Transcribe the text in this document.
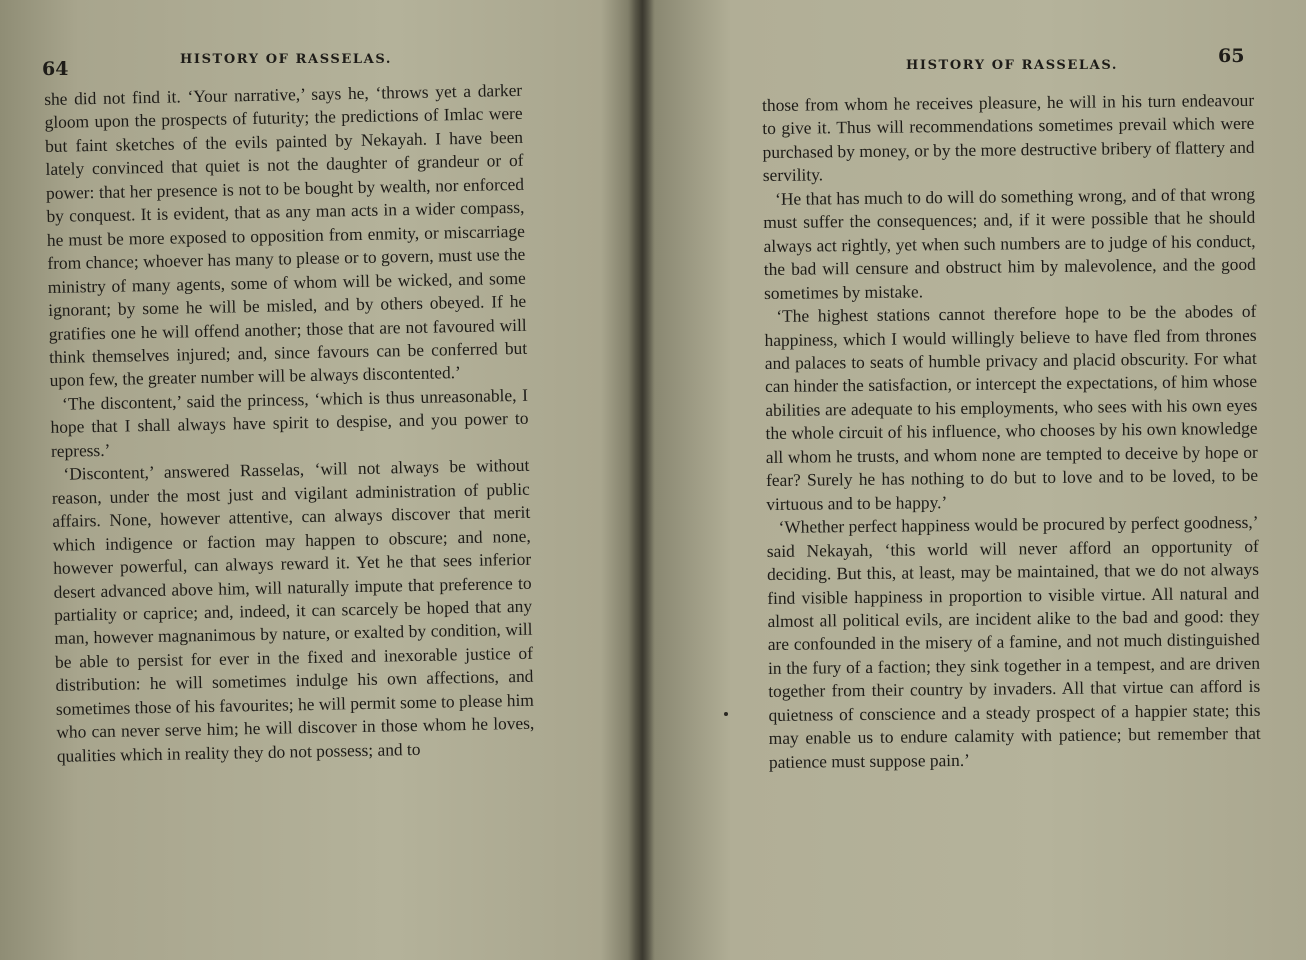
64	HISTORY OF RASSELAS.

she did not find it. ‘Your narrative,’ says he, ‘throws yet a darker gloom upon the prospects of futurity; the predictions of Imlac were but faint sketches of the evils painted by Nekayah. I have been lately convinced that quiet is not the daughter of grandeur or of power: that her presence is not to be bought by wealth, nor enforced by conquest. It is evident, that as any man acts in a wider compass, he must be more exposed to opposition from enmity, or miscarriage from chance; whoever has many to please or to govern, must use the ministry of many agents, some of whom will be wicked, and some ignorant; by some he will be misled, and by others obeyed. If he gratifies one he will offend another; those that are not favoured will think themselves injured; and, since favours can be conferred but upon few, the greater number will be always discontented.’

‘The discontent,’ said the princess, ‘which is thus unreasonable, I hope that I shall always have spirit to despise, and you power to repress.’

‘Discontent,’ answered Rasselas, ‘will not always be without reason, under the most just and vigilant administration of public affairs. None, however attentive, can always discover that merit which indigence or faction may happen to obscure; and none, however powerful, can always reward it. Yet he that sees inferior desert advanced above him, will naturally impute that preference to partiality or caprice; and, indeed, it can scarcely be hoped that any man, however magnanimous by nature, or exalted by condition, will be able to persist for ever in the fixed and inexorable justice of distribution: he will sometimes indulge his own affections, and sometimes those of his favourites; he will permit some to please him who can never serve him; he will discover in those whom he loves, qualities which in reality they do not possess; and to

65
HISTORY OF RASSELAS.

those from whom he receives pleasure, he will in his turn endeavour to give it. Thus will recommendations sometimes prevail which were purchased by money, or by the more destructive bribery of flattery and servility.

‘He that has much to do will do something wrong, and of that wrong must suffer the consequences; and, if it were possible that he should always act rightly, yet when such numbers are to judge of his conduct, the bad will censure and obstruct him by malevolence, and the good sometimes by mistake.

‘The highest stations cannot therefore hope to be the abodes of happiness, which I would willingly believe to have fled from thrones and palaces to seats of humble privacy and placid obscurity. For what can hinder the satisfaction, or intercept the expectations, of him whose abilities are adequate to his employments, who sees with his own eyes the whole circuit of his influence, who chooses by his own knowledge all whom he trusts, and whom none are tempted to deceive by hope or fear? Surely he has nothing to do but to love and to be loved, to be virtuous and to be happy.’

‘Whether perfect happiness would be procured by perfect goodness,’ said Nekayah, ‘this world will never afford an opportunity of deciding. But this, at least, may be maintained, that we do not always find visible happiness in proportion to visible virtue. All natural and almost all political evils, are incident alike to the bad and good: they are confounded in the misery of a famine, and not much distinguished in the fury of a faction; they sink together in a tempest, and are driven together from their country by invaders. All that virtue can afford is quietness of conscience and a steady prospect of a happier state; this may enable us to endure calamity with patience; but remember that patience must suppose pain.’
